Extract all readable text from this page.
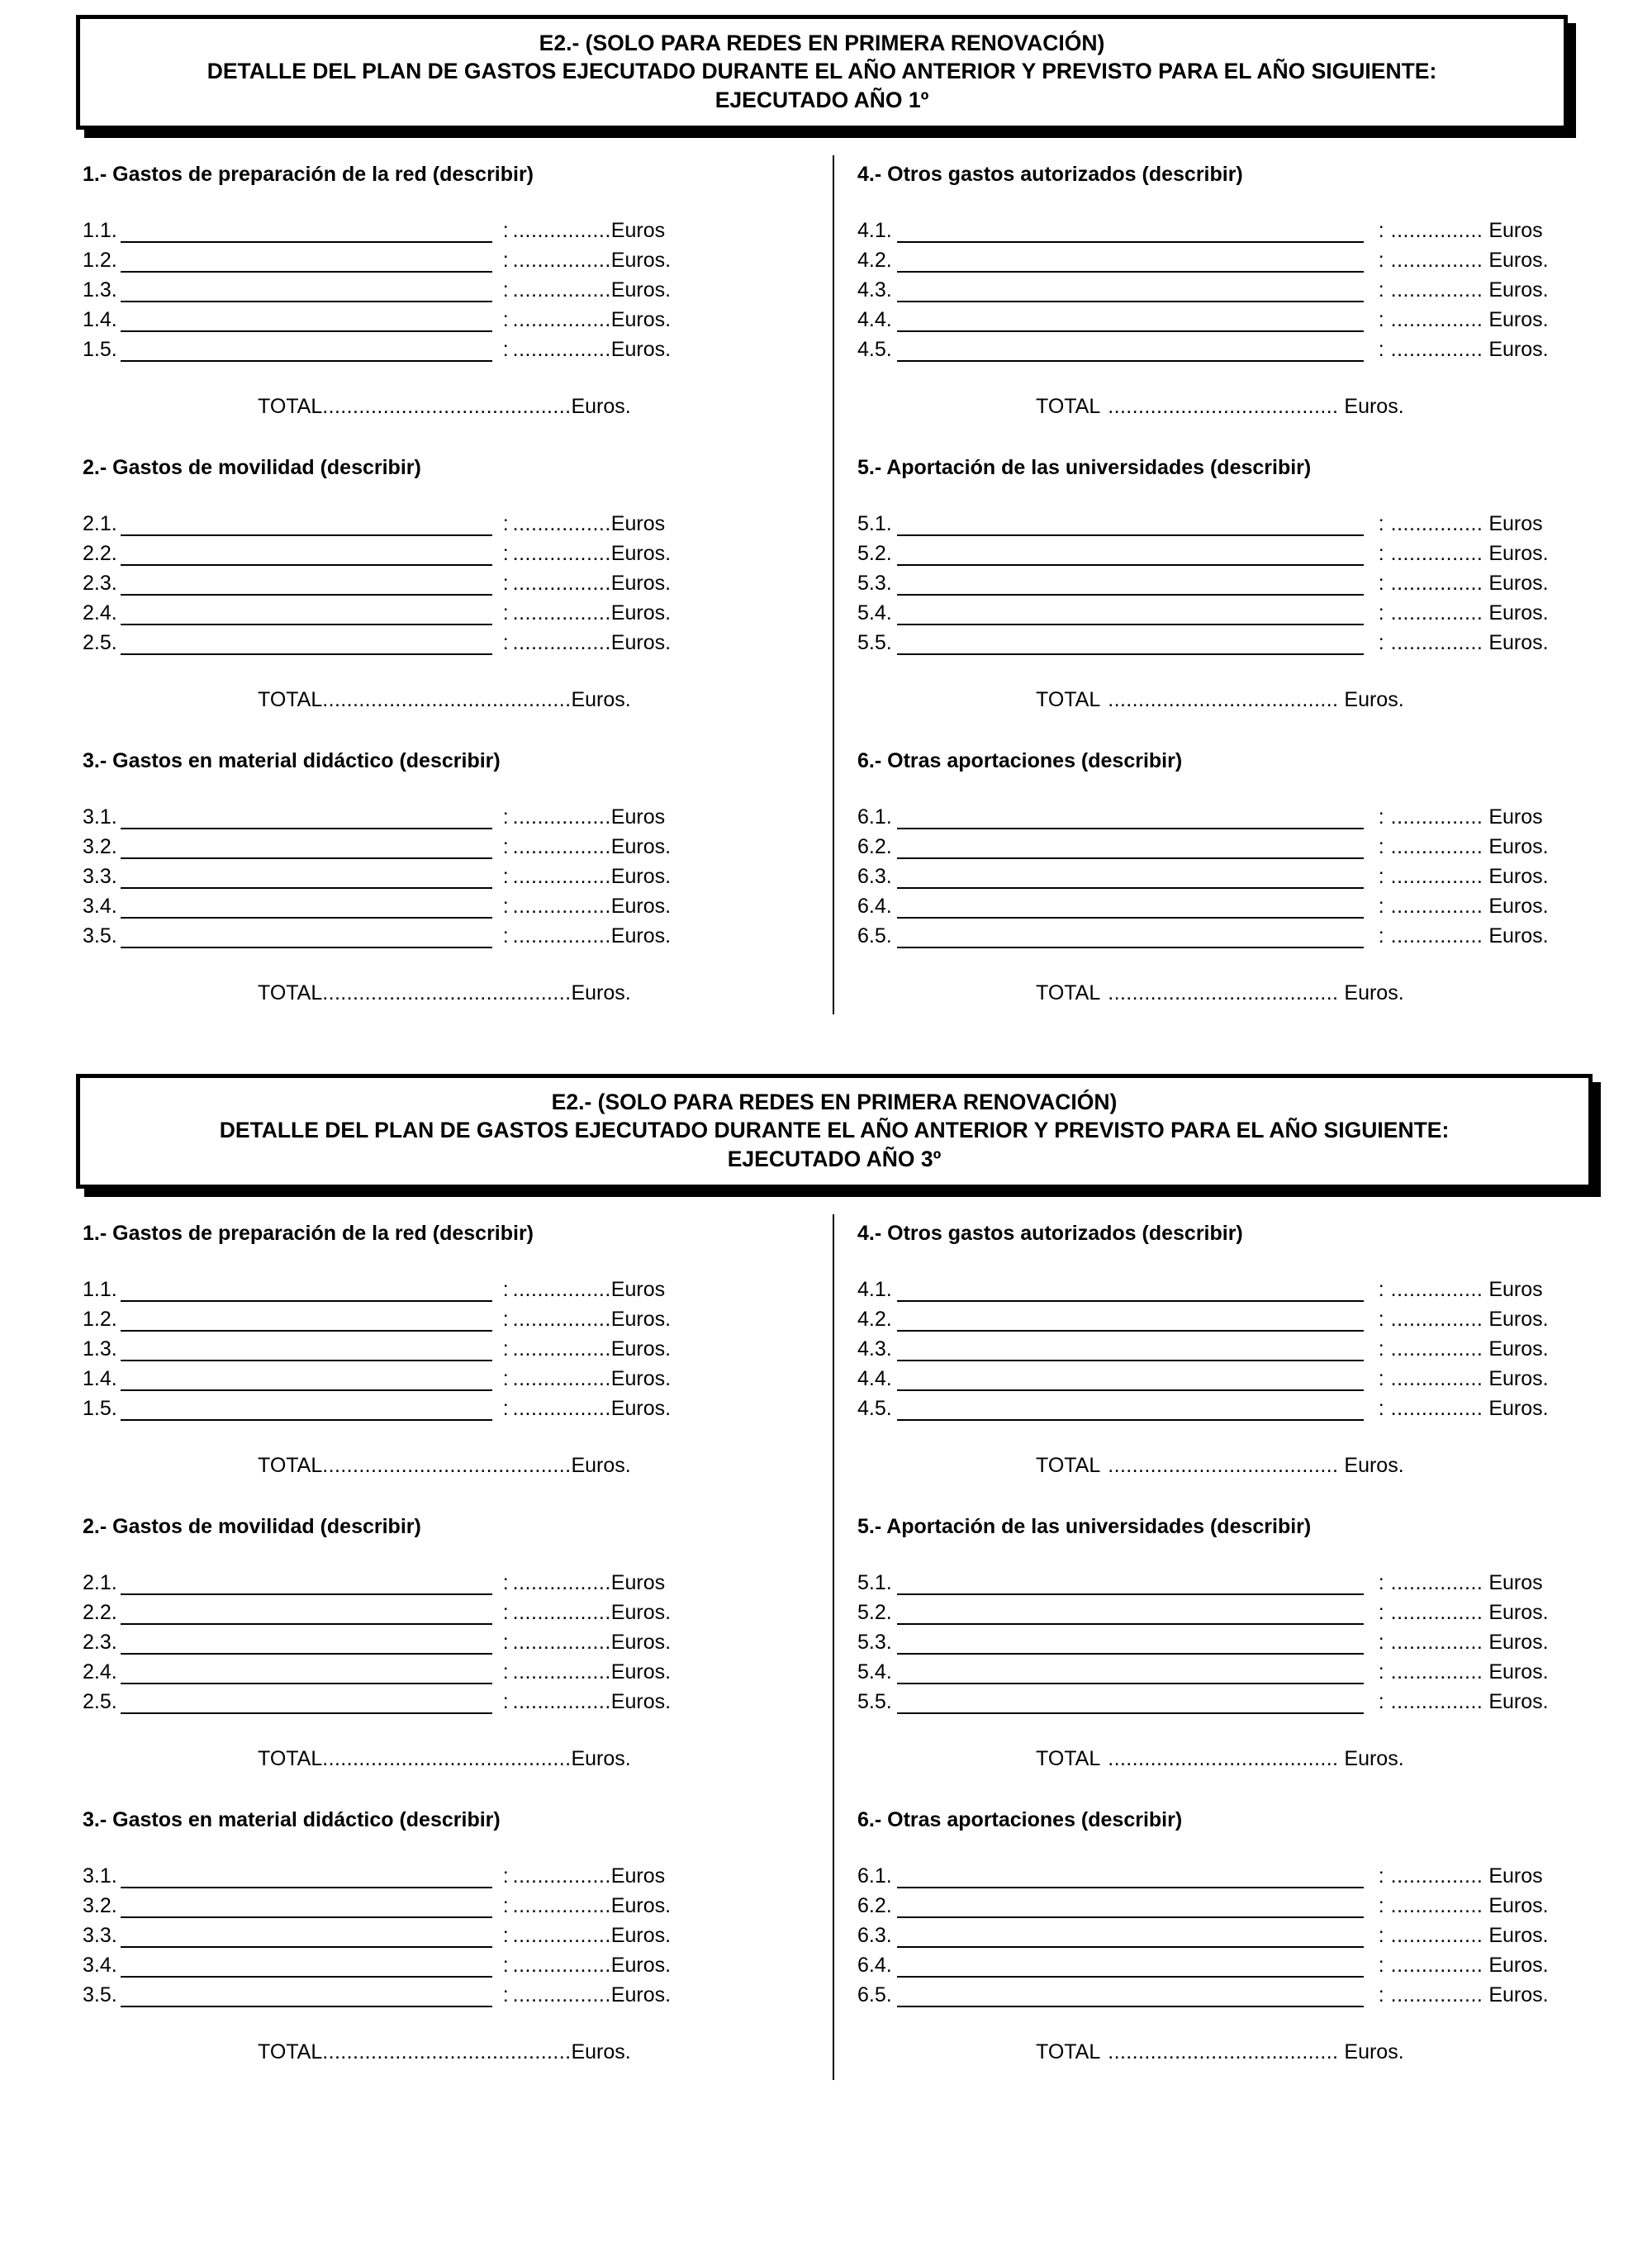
E2.- (SOLO PARA REDES EN PRIMERA RENOVACIÓN)
DETALLE DEL PLAN DE GASTOS EJECUTADO DURANTE EL AÑO ANTERIOR Y PREVISTO PARA EL AÑO SIGUIENTE:
EJECUTADO AÑO 1º
1.- Gastos de preparación de la red (describir)
1.1.	: ................ Euros
1.2.	: ................ Euros.
1.3.	: ................ Euros.
1.4.	: ................ Euros.
1.5.	: ................ Euros.
TOTAL ......................................... Euros.
2.- Gastos de movilidad (describir)
2.1.	: ................ Euros
2.2.	: ................ Euros.
2.3.	: ................ Euros.
2.4.	: ................ Euros.
2.5.	: ................ Euros.
TOTAL ......................................... Euros.
3.- Gastos en material didáctico (describir)
3.1.	: ................ Euros
3.2.	: ................ Euros.
3.3.	: ................ Euros.
3.4.	: ................ Euros.
3.5.	: ................ Euros.
TOTAL ......................................... Euros.
4.- Otros gastos autorizados (describir)
4.1.	: ............... Euros
4.2.	: ............... Euros.
4.3.	: ............... Euros.
4.4.	: ............... Euros.
4.5.	: ............... Euros.
TOTAL ...................................... Euros.
5.- Aportación de las universidades (describir)
5.1.	: ............... Euros
5.2.	: ............... Euros.
5.3.	: ............... Euros.
5.4.	: ............... Euros.
5.5.	: ............... Euros.
TOTAL ...................................... Euros.
6.- Otras aportaciones (describir)
6.1.	: ............... Euros
6.2.	: ............... Euros.
6.3.	: ............... Euros.
6.4.	: ............... Euros.
6.5.	: ............... Euros.
TOTAL ...................................... Euros.
E2.- (SOLO PARA REDES EN PRIMERA RENOVACIÓN)
DETALLE DEL PLAN DE GASTOS EJECUTADO DURANTE EL AÑO ANTERIOR Y PREVISTO PARA EL AÑO SIGUIENTE:
EJECUTADO AÑO 3º
1.- Gastos de preparación de la red (describir)
1.1.	: ................ Euros
1.2.	: ................ Euros.
1.3.	: ................ Euros.
1.4.	: ................ Euros.
1.5.	: ................ Euros.
TOTAL ......................................... Euros.
2.- Gastos de movilidad (describir)
2.1.	: ................ Euros
2.2.	: ................ Euros.
2.3.	: ................ Euros.
2.4.	: ................ Euros.
2.5.	: ................ Euros.
TOTAL ......................................... Euros.
3.- Gastos en material didáctico (describir)
3.1.	: ................ Euros
3.2.	: ................ Euros.
3.3.	: ................ Euros.
3.4.	: ................ Euros.
3.5.	: ................ Euros.
TOTAL ......................................... Euros.
4.- Otros gastos autorizados (describir)
4.1.	: ............... Euros
4.2.	: ............... Euros.
4.3.	: ............... Euros.
4.4.	: ............... Euros.
4.5.	: ............... Euros.
TOTAL ...................................... Euros.
5.- Aportación de las universidades (describir)
5.1.	: ............... Euros
5.2.	: ............... Euros.
5.3.	: ............... Euros.
5.4.	: ............... Euros.
5.5.	: ............... Euros.
TOTAL ...................................... Euros.
6.- Otras aportaciones (describir)
6.1.	: ............... Euros
6.2.	: ............... Euros.
6.3.	: ............... Euros.
6.4.	: ............... Euros.
6.5.	: ............... Euros.
TOTAL ...................................... Euros.
